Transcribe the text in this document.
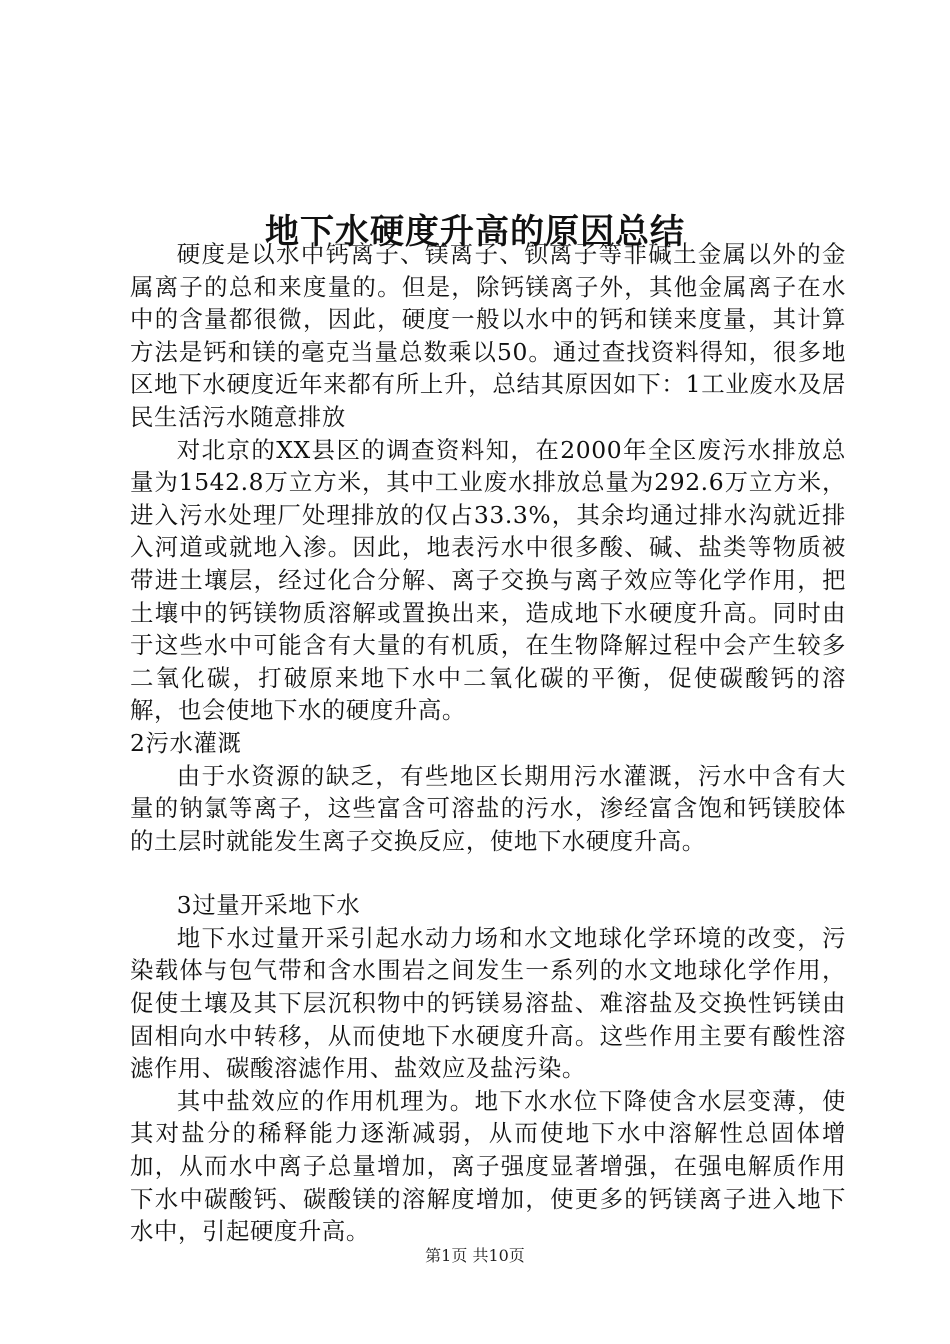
地下水硬度升高的原因总结

硬度是以水中钙离子、镁离子、钡离子等非碱土金属以外的金属离子的总和来度量的。但是，除钙镁离子外，其他金属离子在水中的含量都很微，因此，硬度一般以水中的钙和镁来度量，其计算方法是钙和镁的毫克当量总数乘以50。通过查找资料得知，很多地区地下水硬度近年来都有所上升，总结其原因如下：1工业废水及居民生活污水随意排放

对北京的XX县区的调查资料知，在2000年全区废污水排放总量为1542.8万立方米，其中工业废水排放总量为292.6万立方米，进入污水处理厂处理排放的仅占33.3%，其余均通过排水沟就近排入河道或就地入渗。因此，地表污水中很多酸、碱、盐类等物质被带进土壤层，经过化合分解、离子交换与离子效应等化学作用，把土壤中的钙镁物质溶解或置换出来，造成地下水硬度升高。同时由于这些水中可能含有大量的有机质，在生物降解过程中会产生较多二氧化碳，打破原来地下水中二氧化碳的平衡，促使碳酸钙的溶解，也会使地下水的硬度升高。

2污水灌溉

由于水资源的缺乏，有些地区长期用污水灌溉，污水中含有大量的钠氯等离子，这些富含可溶盐的污水，渗经富含饱和钙镁胶体的土层时就能发生离子交换反应，使地下水硬度升高。

3过量开采地下水

地下水过量开采引起水动力场和水文地球化学环境的改变，污染载体与包气带和含水围岩之间发生一系列的水文地球化学作用，促使土壤及其下层沉积物中的钙镁易溶盐、难溶盐及交换性钙镁由固相向水中转移，从而使地下水硬度升高。这些作用主要有酸性溶滤作用、碳酸溶滤作用、盐效应及盐污染。

其中盐效应的作用机理为。地下水水位下降使含水层变薄，使其对盐分的稀释能力逐渐减弱，从而使地下水中溶解性总固体增加，从而水中离子总量增加，离子强度显著增强，在强电解质作用下水中碳酸钙、碳酸镁的溶解度增加，使更多的钙镁离子进入地下水中，引起硬度升高。

第1页 共10页
